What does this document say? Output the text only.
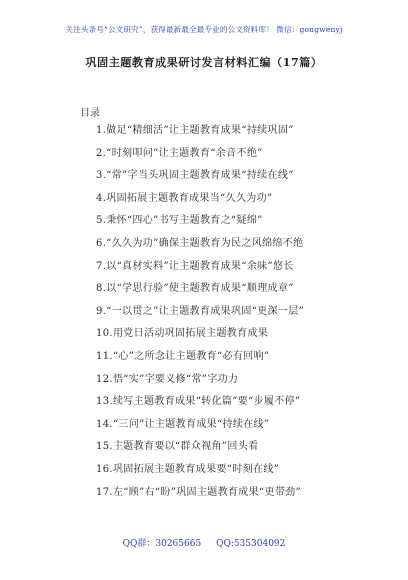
关注头条号“公文研究”，获得最新最全最专业的公文资料库！ 微信：gongwenyj
巩固主题教育成果研讨发言材料汇编（17篇）
目录
1.做足“精细活”让主题教育成果“持续巩固”
2.“时刻叩问”让主题教育“余音不绝”
3.“常”字当头巩固主题教育成果“持续在线”
4.巩固拓展主题教育成果当“久久为功”
5.秉怀“四心”书写主题教育之“疑绵”
6.“久久为功”确保主题教育为民之风绵绵不绝
7.以“真材实料”让主题教育成果“余味”悠长
8.以“学思行验”使主题教育成果“顺理成章”
9.“一以贯之”让主题教育成果巩固“更深一层”
10.用党日活动巩固拓展主题教育成果
11.“心”之所念让主题教育“必有回响”
12.悟“实”字要义修“常”字功力
13.续写主题教育成果“转化篇”要“步履不停”
14.“三问”让主题教育成果“持续在线”
15.主题教育要以“群众视角”回头看
16.巩固拓展主题教育成果要“时刻在线”
17.左“顾”右“盼”巩固主题教育成果“更带劲”
QQ群：30265665 QQ:535304092
